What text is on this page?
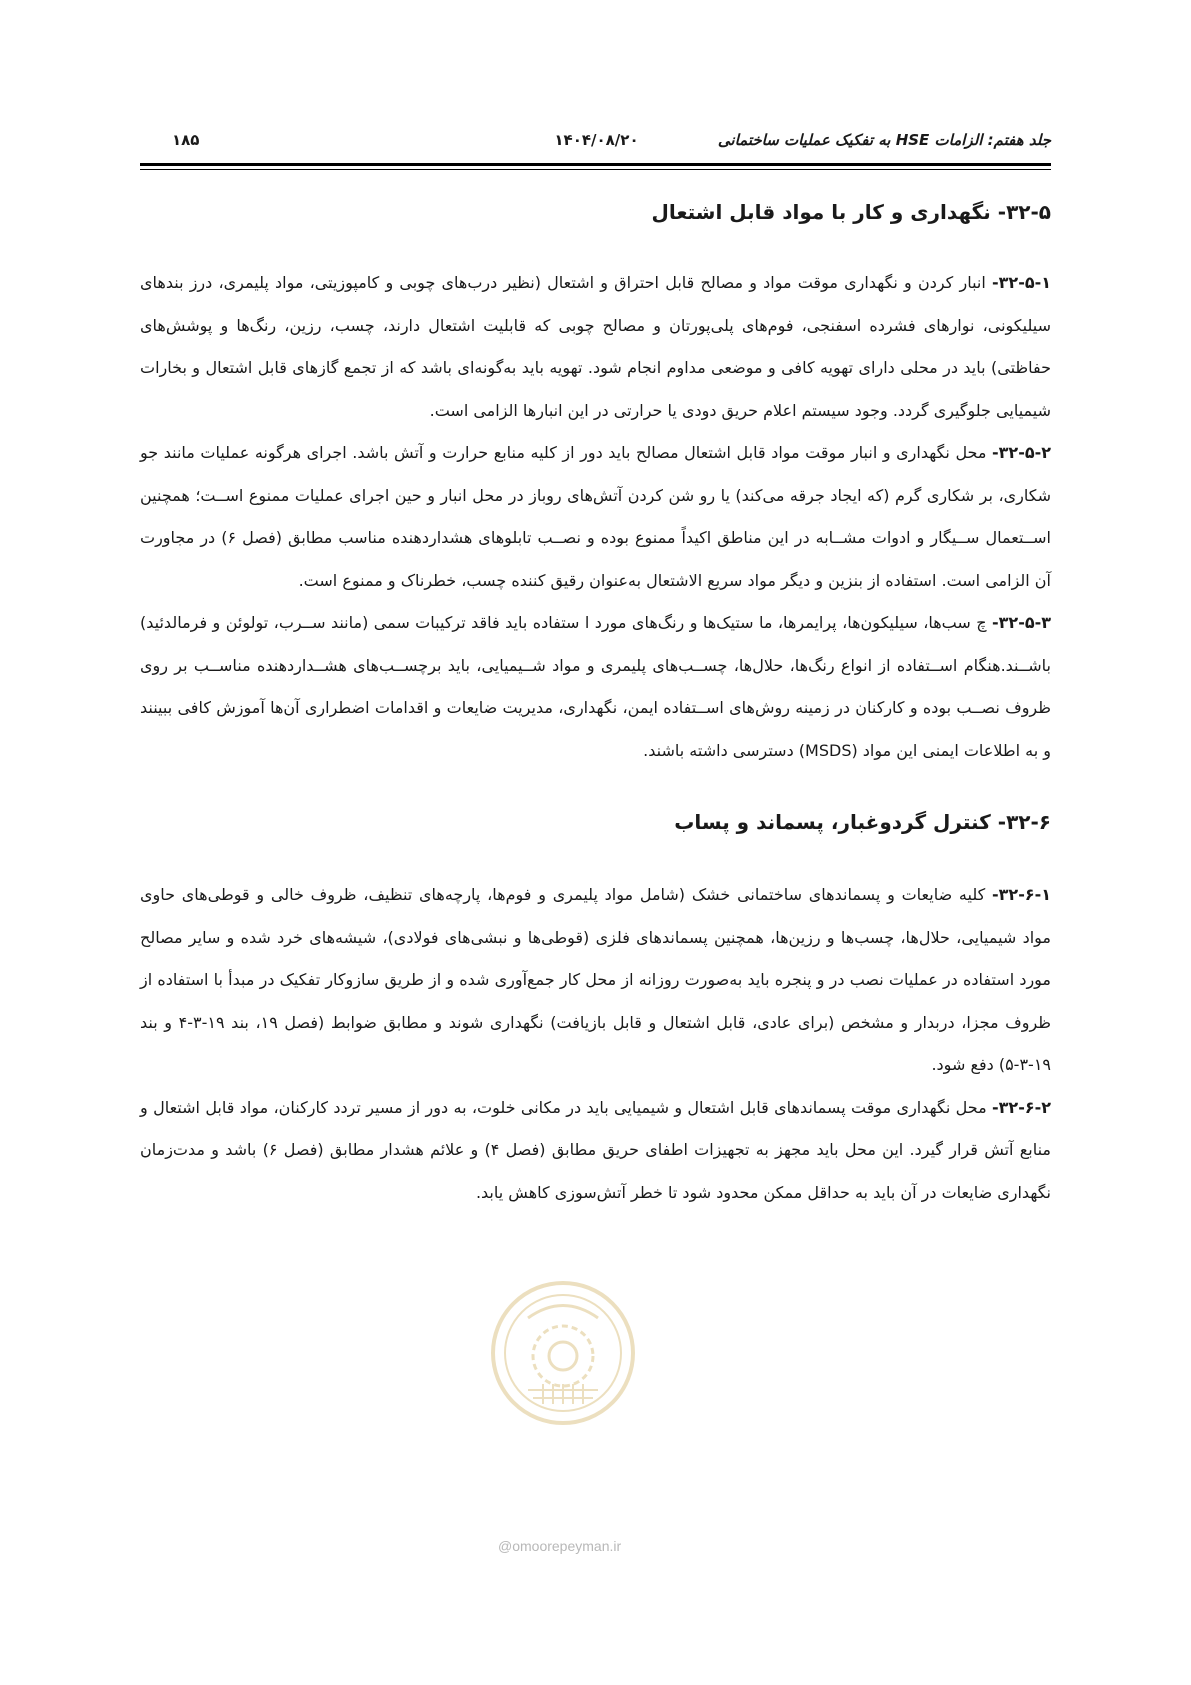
جلد هفتم: الزامات HSE به تفکیک عملیات ساختمانی
۱۴۰۴/۰۸/۲۰
۱۸۵
۳۲-۵- نگهداری و کار با مواد قابل اشتعال

۳۲-۵-۱- انبار کردن و نگهداری موقت مواد و مصالح قابل احتراق و اشتعال (نظیر درب‌های چوبی و کامپوزیتی، مواد پلیمری، درز بندهای سیلیکونی، نوارهای فشرده اسفنجی، فوم‌های پلی‌پورتان و مصالح چوبی که قابلیت اشتعال دارند، چسب، رزین، رنگ‌ها و پوشش‌های حفاظتی) باید در محلی دارای تهویه کافی و موضعی مداوم انجام شود. تهویه باید به‌گونه‌ای باشد که از تجمع گازهای قابل اشتعال و بخارات شیمیایی جلوگیری گردد. وجود سیستم اعلام حریق دودی یا حرارتی در این انبارها الزامی است.

۳۲-۵-۲- محل نگهداری و انبار موقت مواد قابل اشتعال مصالح باید دور از کلیه منابع حرارت و آتش باشد. اجرای هرگونه عملیات مانند جو شکاری، بر شکاری گرم (که ایجاد جرقه می‌کند) یا رو شن کردن آتش‌های روباز در محل انبار و حین اجرای عملیات ممنوع اســت؛ همچنین اســتعمال ســیگار و ادوات مشــابه در این مناطق اکیداً ممنوع بوده و نصــب تابلوهای هشداردهنده مناسب مطابق (فصل ۶) در مجاورت آن الزامی است. استفاده از بنزین و دیگر مواد سریع الاشتعال به‌عنوان رقیق کننده چسب، خطرناک و ممنوع است.

۳۲-۵-۳- چ سب‌ها، سیلیکون‌ها، پرایمرها، ما ستیک‌ها و رنگ‌های مورد ا ستفاده باید فاقد ترکیبات سمی (مانند ســرب، تولوئن و فرمالدئید) باشــند.هنگام اســتفاده از انواع رنگ‌ها، حلال‌ها، چســب‌های پلیمری و مواد شــیمیایی، باید برچســب‌های هشــداردهنده مناســب بر روی ظروف نصــب بوده و کارکنان در زمینه روش‌های اســتفاده ایمن، نگهداری، مدیریت ضایعات و اقدامات اضطراری آن‌ها آموزش کافی ببینند و به اطلاعات ایمنی این مواد (MSDS) دسترسی داشته باشند.

۳۲-۶- کنترل گردوغبار، پسماند و پساب

۳۲-۶-۱- کلیه ضایعات و پسماندهای ساختمانی خشک (شامل مواد پلیمری و فوم‌ها، پارچه‌های تنظیف، ظروف خالی و قوطی‌های حاوی مواد شیمیایی، حلال‌ها، چسب‌ها و رزین‌ها، همچنین پسماندهای فلزی (قوطی‌ها و نبشی‌های فولادی)، شیشه‌های خرد شده و سایر مصالح مورد استفاده در عملیات نصب در و پنجره باید به‌صورت روزانه از محل کار جمع‌آوری شده و از طریق سازوکار تفکیک در مبدأ با استفاده از ظروف مجزا، دربدار و مشخص (برای عادی، قابل اشتعال و قابل بازیافت) نگهداری شوند و مطابق ضوابط (فصل ۱۹، بند ۱۹-۳-۴ و بند ۱۹-۳-۵) دفع شود.

۳۲-۶-۲- محل نگهداری موقت پسماندهای قابل اشتعال و شیمیایی باید در مکانی خلوت، به دور از مسیر تردد کارکنان، مواد قابل اشتعال و منابع آتش قرار گیرد. این محل باید مجهز به تجهیزات اطفای حریق مطابق (فصل ۴) و علائم هشدار مطابق (فصل ۶) باشد و مدت‌زمان نگهداری ضایعات در آن باید به حداقل ممکن محدود شود تا خطر آتش‌سوزی کاهش یابد.

@omoorepeyman.ir
